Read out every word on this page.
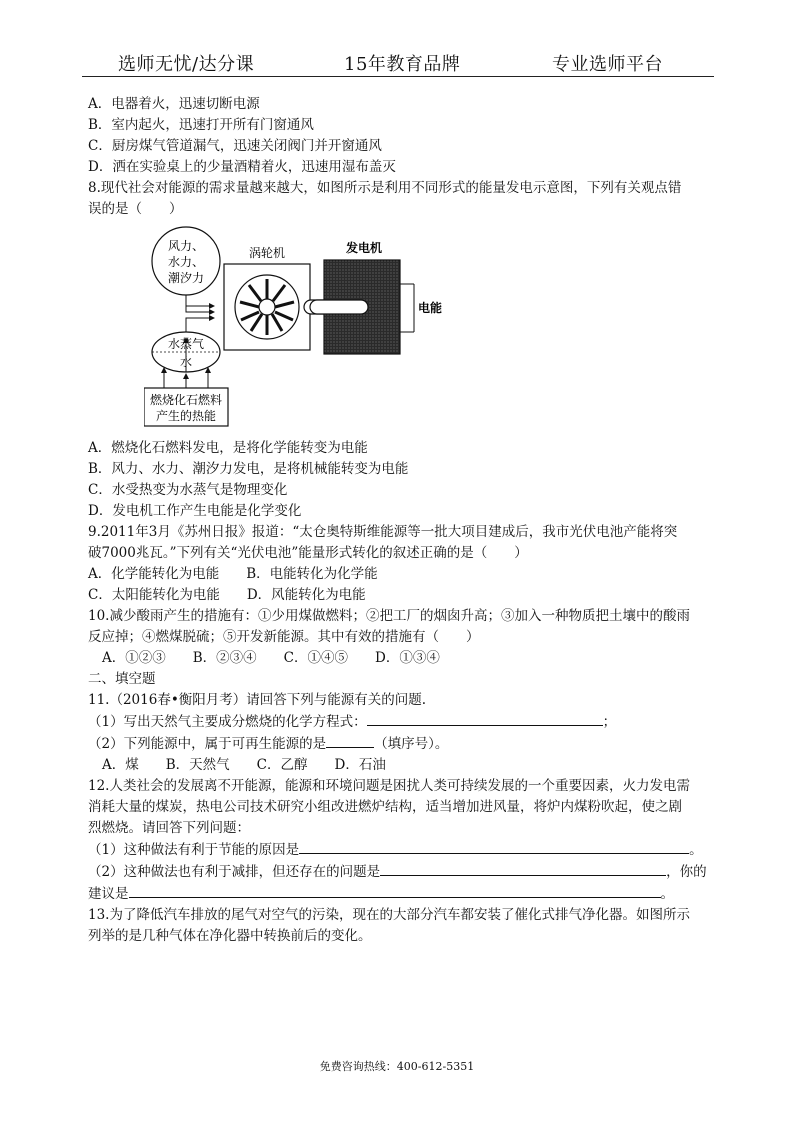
选师无忧/达分课	15年教育品牌	专业选师平台
A．电器着火，迅速切断电源
B．室内起火，迅速打开所有门窗通风
C．厨房煤气管道漏气，迅速关闭阀门并开窗通风
D．洒在实验桌上的少量酒精着火，迅速用湿布盖灭
8.现代社会对能源的需求量越来越大，如图所示是利用不同形式的能量发电示意图，下列有关观点错
误的是（　　）
风力、
水力、
潮汐力
涡轮机	发电机
电能
水蒸气
水
燃烧化石燃料
产生的热能
A．燃烧化石燃料发电，是将化学能转变为电能
B．风力、水力、潮汐力发电，是将机械能转变为电能
C．水受热变为水蒸气是物理变化
D．发电机工作产生电能是化学变化
9.2011年3月《苏州日报》报道：“太仓奥特斯维能源等一批大项目建成后，我市光伏电池产能将突
破7000兆瓦。”下列有关“光伏电池”能量形式转化的叙述正确的是（　　）
A．化学能转化为电能　　B．电能转化为化学能
C．太阳能转化为电能　　D．风能转化为电能
10.减少酸雨产生的措施有：①少用煤做燃料；②把工厂的烟囱升高；③加入一种物质把土壤中的酸雨
反应掉；④燃煤脱硫；⑤开发新能源。其中有效的措施有（　　）
A．①②③　　B．②③④　　C．①④⑤　　D．①③④
二、填空题
11.（2016春•衡阳月考）请回答下列与能源有关的问题.
（1）写出天然气主要成分燃烧的化学方程式：	；
（2）下列能源中，属于可再生能源的是	（填序号）。
A．煤　　B．天然气　　C．乙醇　　D．石油
12.人类社会的发展离不开能源，能源和环境问题是困扰人类可持续发展的一个重要因素，火力发电需
消耗大量的煤炭，热电公司技术研究小组改进燃炉结构，适当增加进风量，将炉内煤粉吹起，使之剧
烈燃烧。请回答下列问题：
（1）这种做法有利于节能的原因是	。
（2）这种做法也有利于减排，但还存在的问题是	，你的
建议是	。
13.为了降低汽车排放的尾气对空气的污染，现在的大部分汽车都安装了催化式排气净化器。如图所示
列举的是几种气体在净化器中转换前后的变化。
免费咨询热线：400-612-5351
